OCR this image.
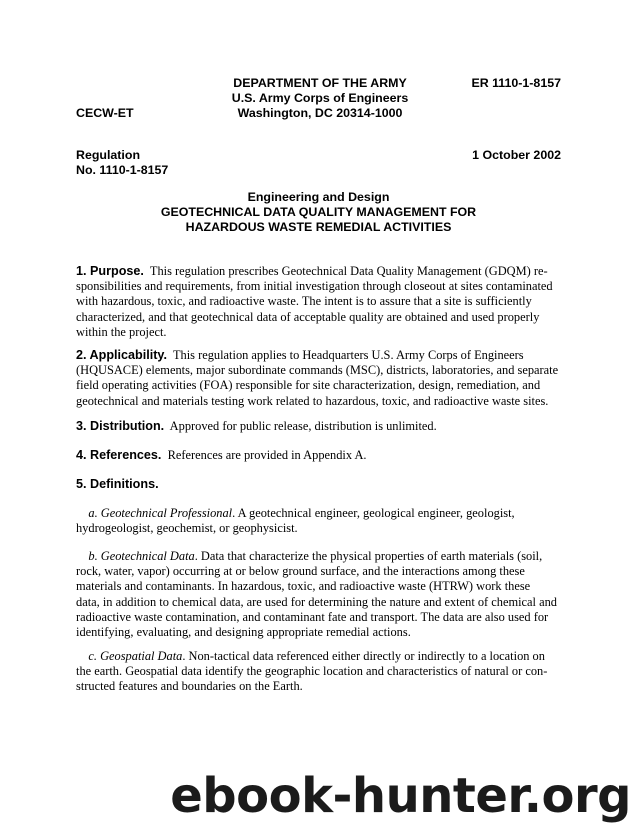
DEPARTMENT OF THE ARMY
U.S. Army Corps of Engineers
Washington, DC 20314-1000
ER 1110-1-8157
CECW-ET
Regulation
No. 1110-1-8157
1 October 2002
Engineering and Design
GEOTECHNICAL DATA QUALITY MANAGEMENT FOR
HAZARDOUS WASTE REMEDIAL ACTIVITIES
1. Purpose. This regulation prescribes Geotechnical Data Quality Management (GDQM) re-
sponsibilities and requirements, from initial investigation through closeout at sites contaminated
with hazardous, toxic, and radioactive waste. The intent is to assure that a site is sufficiently
characterized, and that geotechnical data of acceptable quality are obtained and used properly
within the project.
2. Applicability. This regulation applies to Headquarters U.S. Army Corps of Engineers
(HQUSACE) elements, major subordinate commands (MSC), districts, laboratories, and separate
field operating activities (FOA) responsible for site characterization, design, remediation, and
geotechnical and materials testing work related to hazardous, toxic, and radioactive waste sites.
3. Distribution. Approved for public release, distribution is unlimited.
4. References. References are provided in Appendix A.
5. Definitions.
a. Geotechnical Professional. A geotechnical engineer, geological engineer, geologist,
hydrogeologist, geochemist, or geophysicist.
b. Geotechnical Data. Data that characterize the physical properties of earth materials (soil,
rock, water, vapor) occurring at or below ground surface, and the interactions among these
materials and contaminants. In hazardous, toxic, and radioactive waste (HTRW) work these
data, in addition to chemical data, are used for determining the nature and extent of chemical and
radioactive waste contamination, and contaminant fate and transport. The data are also used for
identifying, evaluating, and designing appropriate remedial actions.
c. Geospatial Data. Non-tactical data referenced either directly or indirectly to a location on
the earth. Geospatial data identify the geographic location and characteristics of natural or con-
structed features and boundaries on the Earth.
ebook-hunter.org
